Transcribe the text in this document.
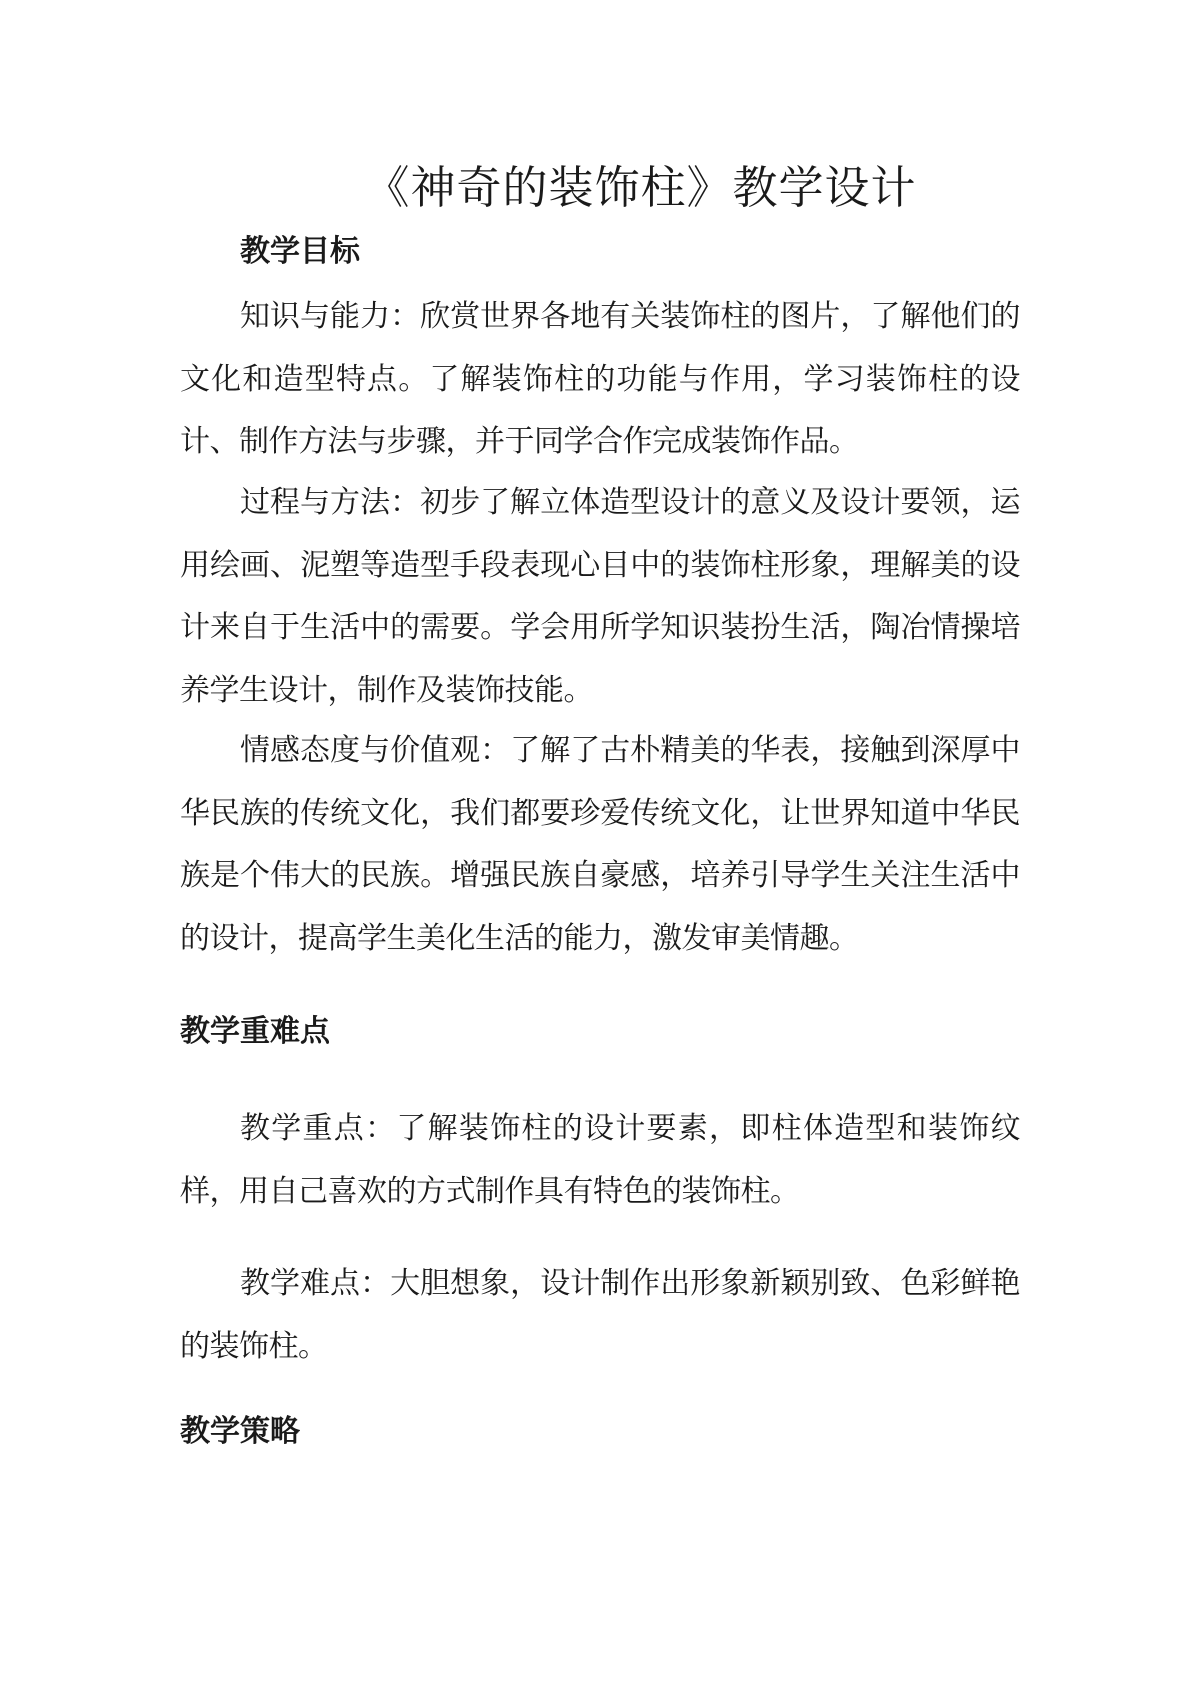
《神奇的装饰柱》教学设计
教学目标

知识与能力：欣赏世界各地有关装饰柱的图片，了解他们的文化和造型特点。了解装饰柱的功能与作用，学习装饰柱的设计、制作方法与步骤，并于同学合作完成装饰作品。

过程与方法：初步了解立体造型设计的意义及设计要领，运用绘画、泥塑等造型手段表现心目中的装饰柱形象，理解美的设计来自于生活中的需要。学会用所学知识装扮生活，陶冶情操培养学生设计，制作及装饰技能。

情感态度与价值观：了解了古朴精美的华表，接触到深厚中华民族的传统文化，我们都要珍爱传统文化，让世界知道中华民族是个伟大的民族。增强民族自豪感，培养引导学生关注生活中的设计，提高学生美化生活的能力，激发审美情趣。

教学重难点

教学重点：了解装饰柱的设计要素，即柱体造型和装饰纹样，用自己喜欢的方式制作具有特色的装饰柱。

教学难点：大胆想象，设计制作出形象新颖别致、色彩鲜艳的装饰柱。

教学策略
